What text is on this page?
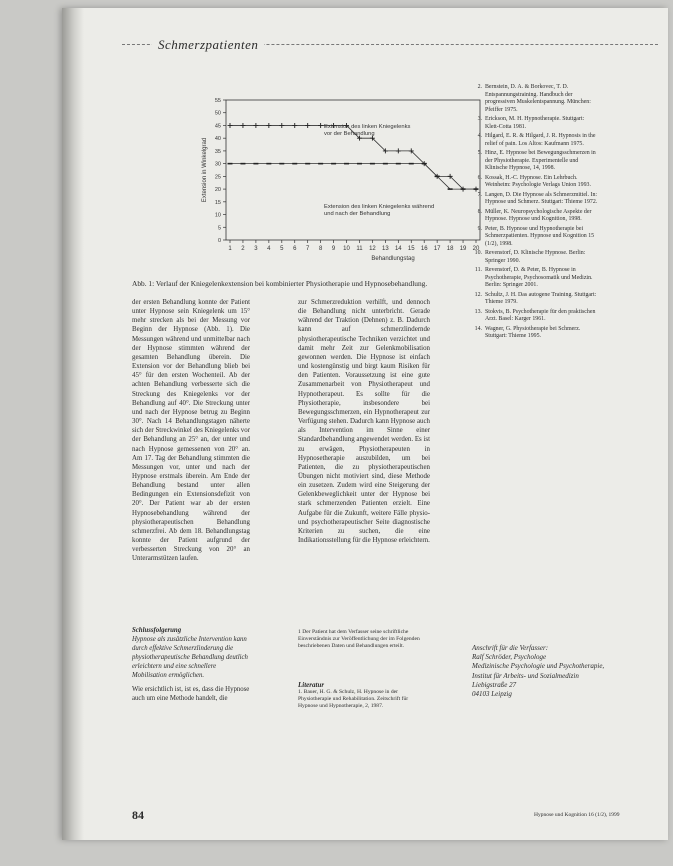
Schmerzpatienten
0
5
10
15
20
25
30
35
40
45
50
55
1 2 3 4 5 6 7 8 9 10 11 12 13 14 15 16 17 18 19 20
Behandlungstag
Extension in Winkelgrad
Extension des linken Kniegelenks vor der Behandlung
Extension des linken Kniegelenks während und nach der Behandlung
Abb. 1: Verlauf der Kniegelenkextension bei kombinierter Physiotherapie und Hypnosebehandlung.

der ersten Behandlung konnte der Patient unter Hypnose sein Kniegelenk um 15° mehr strecken als bei der Messung vor Beginn der Hypnose (Abb. 1). Die Messungen während und unmittelbar nach der Hypnose stimmten während der gesamten Behandlung überein. Die Extension vor der Behandlung blieb bei 45° für den ersten Wochenteil. Ab der achten Behandlung verbesserte sich die Streckung des Kniegelenks vor der Behandlung auf 40°. Die Streckung unter und nach der Hypnose betrug zu Beginn 30°. Nach 14 Behandlungstagen näherte sich der Streckwinkel des Kniegelenks vor der Behandlung an 25° an, der unter und nach Hypnose gemessenen von 20° an. Am 17. Tag der Behandlung stimmten die Messungen vor, unter und nach der Hypnose erstmals überein. Am Ende der Behandlung bestand unter allen Bedingungen ein Extensionsdefizit von 20°. Der Patient war ab der ersten Hypnosebehandlung während der physiotherapeutischen Behandlung schmerzfrei. Ab dem 18. Behandlungstag konnte der Patient aufgrund der verbesserten Streckung von 20° an Unterarmstützen laufen.

zur Schmerzreduktion verhilft, und dennoch die Behandlung nicht unterbricht. Gerade während der Traktion (Dehnen) z. B. Dadurch kann auf schmerzlindernde physiotherapeutische Techniken verzichtet und damit mehr Zeit zur Gelenkmobilisation gewonnen werden. Die Hypnose ist einfach und kostengünstig und birgt kaum Risiken für den Patienten. Voraussetzung ist eine gute Zusammenarbeit von Physiotherapeut und Hypnotherapeut. Es sollte für die Physiotherapie, insbesondere bei Bewegungsschmerzen, ein Hypnotherapeut zur Verfügung stehen. Dadurch kann Hypnose auch als Intervention im Sinne einer Standardbehandlung angewendet werden. Es ist zu erwägen, Physiotherapeuten in Hypnosetherapie auszubilden, um bei Patienten, die zu physiotherapeutischen Übungen nicht motiviert sind, diese Methode ein zusetzen. Zudem wird eine Steigerung der Gelenkbeweglichkeit unter der Hypnose bei stark schmerzenden Patienten erzielt. Eine Aufgabe für die Zukunft, weitere Fälle physio- und psychotherapeutischer Seite diagnostische Kriterien zu suchen, die eine Indikationsstellung für die Hypnose erleichtern.

2. Bernstein, D. A. & Borkovec, T. D. Entspannungstraining. Handbuch der progressiven Muskelentspannung. München: Pfeiffer 1975.
3. Erickson, M. H. Hypnotherapie. Stuttgart: Klett-Cotta 1981.
4. Hilgard, E. R. & Hilgard, J. R. Hypnosis in the relief of pain. Los Altos: Kaufmann 1975.
5. Hinz, E. Hypnose bei Bewegungsschmerzen in der Physiotherapie. Experimentelle und Klinische Hypnose, 14, 1998.
6. Kossak, H.-C. Hypnose. Ein Lehrbuch. Weinheim: Psychologie Verlags Union 1993.
7. Langen, D. Die Hypnose als Schmerzmittel. In: Hypnose und Schmerz. Stuttgart: Thieme 1972.
8. Müller, K. Neuropsychologische Aspekte der Hypnose. Hypnose und Kognition, 1998.
9. Peter, B. Hypnose und Hypnotherapie bei Schmerzpatienten. Hypnose und Kognition 15 (1/2), 1998.
10. Revenstorf, D. Klinische Hypnose. Berlin: Springer 1990.
11. Revenstorf, D. & Peter, B. Hypnose in Psychotherapie, Psychosomatik und Medizin. Berlin: Springer 2001.
12. Schultz, J. H. Das autogene Training. Stuttgart: Thieme 1979.
13. Stokvis, B. Psychotherapie für den praktischen Arzt. Basel: Karger 1961.
14. Wagner, G. Physiotherapie bei Schmerz. Stuttgart: Thieme 1995.
Schlussfolgerung
Hypnose als zusätzliche Intervention kann durch effektive Schmerzlinderung die physiotherapeutische Behandlung deutlich erleichtern und eine schnellere Mobilisation ermöglichen.
Wie ersichtlich ist, ist es, dass die Hypnose auch um eine Methode handelt, die
1 Der Patient hat dem Verfasser seine schriftliche Einverständnis zur Veröffentlichung der im Folgenden beschriebenen Daten und Behandlungen erteilt.
Literatur
1. Bauer, H. G. & Schulz, H. Hypnose in der Physiotherapie und Rehabilitation. Zeitschrift für Hypnose und Hypnotherapie, 2, 1987.
Anschrift für die Verfasser:
Ralf Schröder, Psychologe
Medizinische Psychologie und Psychotherapie, Institut für Arbeits- und Sozialmedizin
Liebigstraße 27
04103 Leipzig
84	Hypnose und Kognition 16 (1/2), 1999
